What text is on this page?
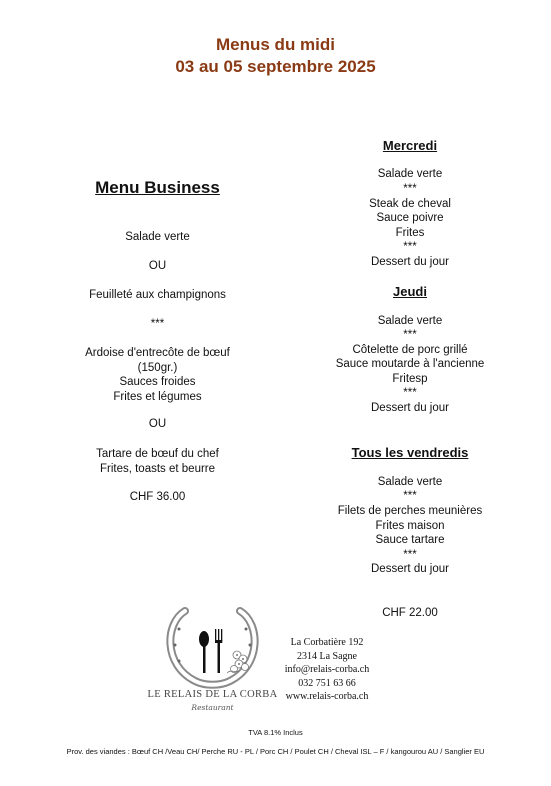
Menus du midi
03 au 05 septembre 2025
Menu Business
Salade verte
OU
Feuilleté aux champignons
***
Ardoise d'entrecôte de bœuf
(150gr.)
Sauces froides
Frites et légumes
OU
Tartare de bœuf du chef
Frites, toasts et beurre
CHF 36.00
Mercredi
Salade verte
***
Steak de cheval
Sauce poivre
Frites
***
Dessert du jour
Jeudi
Salade verte
***
Côtelette de porc grillé
Sauce moutarde à l'ancienne
Fritesp
***
Dessert du jour
Tous les vendredis
Salade verte
***
Filets de perches meunières
Frites maison
Sauce tartare
***
Dessert du jour
CHF 22.00
LE RELAIS DE LA CORBA
Restaurant
La Corbatière 192
2314 La Sagne
info@relais-corba.ch
032 751 63 66
www.relais-corba.ch
TVA 8.1% Inclus
Prov. des viandes : Bœuf CH /Veau CH/ Perche RU - PL / Porc CH / Poulet CH / Cheval ISL – F / kangourou AU / Sanglier EU
